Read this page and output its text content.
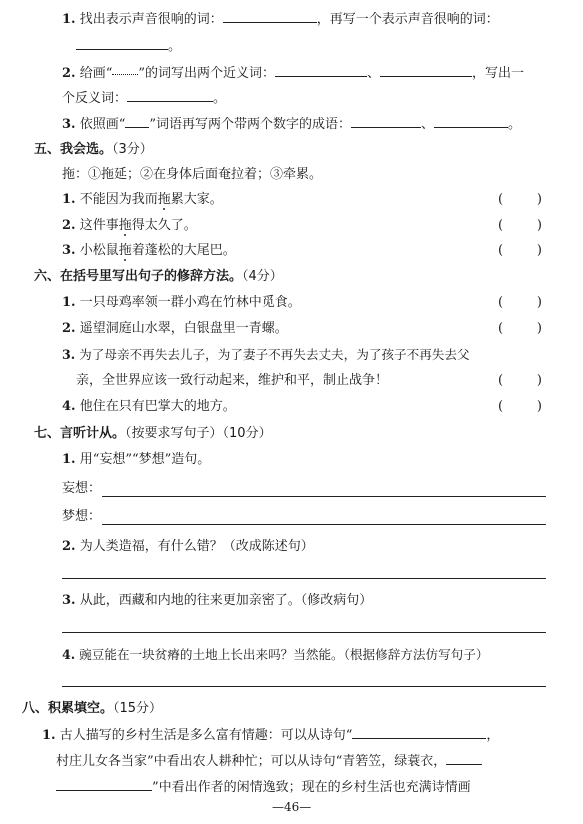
1. 找出表示声音很响的词：	，再写一个表示声音很响的词：
。
2. 给画“ ”的词写出两个近义词：	、	，写出一
个反义词：	。
3. 依照画“ ”词语再写两个带两个数字的成语：	、	。
五、我会选。（3分）
拖：①拖延；②在身体后面奄拉着；③牵累。
1. 不能因为我而拖累大家。	(	)
2. 这件事拖得太久了。	(	)
3. 小松鼠拖着蓬松的大尾巴。	(	)
六、在括号里写出句子的修辞方法。（4分）
1. 一只母鸡率领一群小鸡在竹林中觅食。	(	)
2. 遥望洞庭山水翠，白银盘里一青螺。	(	)
3. 为了母亲不再失去儿子，为了妻子不再失去丈夫，为了孩子不再失去父
亲，全世界应该一致行动起来，维护和平，制止战争！	(	)
4. 他住在只有巴掌大的地方。	(	)
七、言听计从。（按要求写句子）（10分）
1. 用“妄想”“梦想”造句。
妄想：
梦想：
2. 为人类造福，有什么错？（改成陈述句）
3. 从此，西藏和内地的往来更加亲密了。（修改病句）
4. 豌豆能在一块贫瘠的土地上长出来吗？当然能。（根据修辞方法仿写句子）
八、积累填空。（15分）
1. 古人描写的乡村生活是多么富有情趣：可以从诗句“	，
村庄儿女各当家”中看出农人耕种忙；可以从诗句“青箬笠，绿蓑衣，
”中看出作者的闲情逸致；现在的乡村生活也充满诗情画
—46—
